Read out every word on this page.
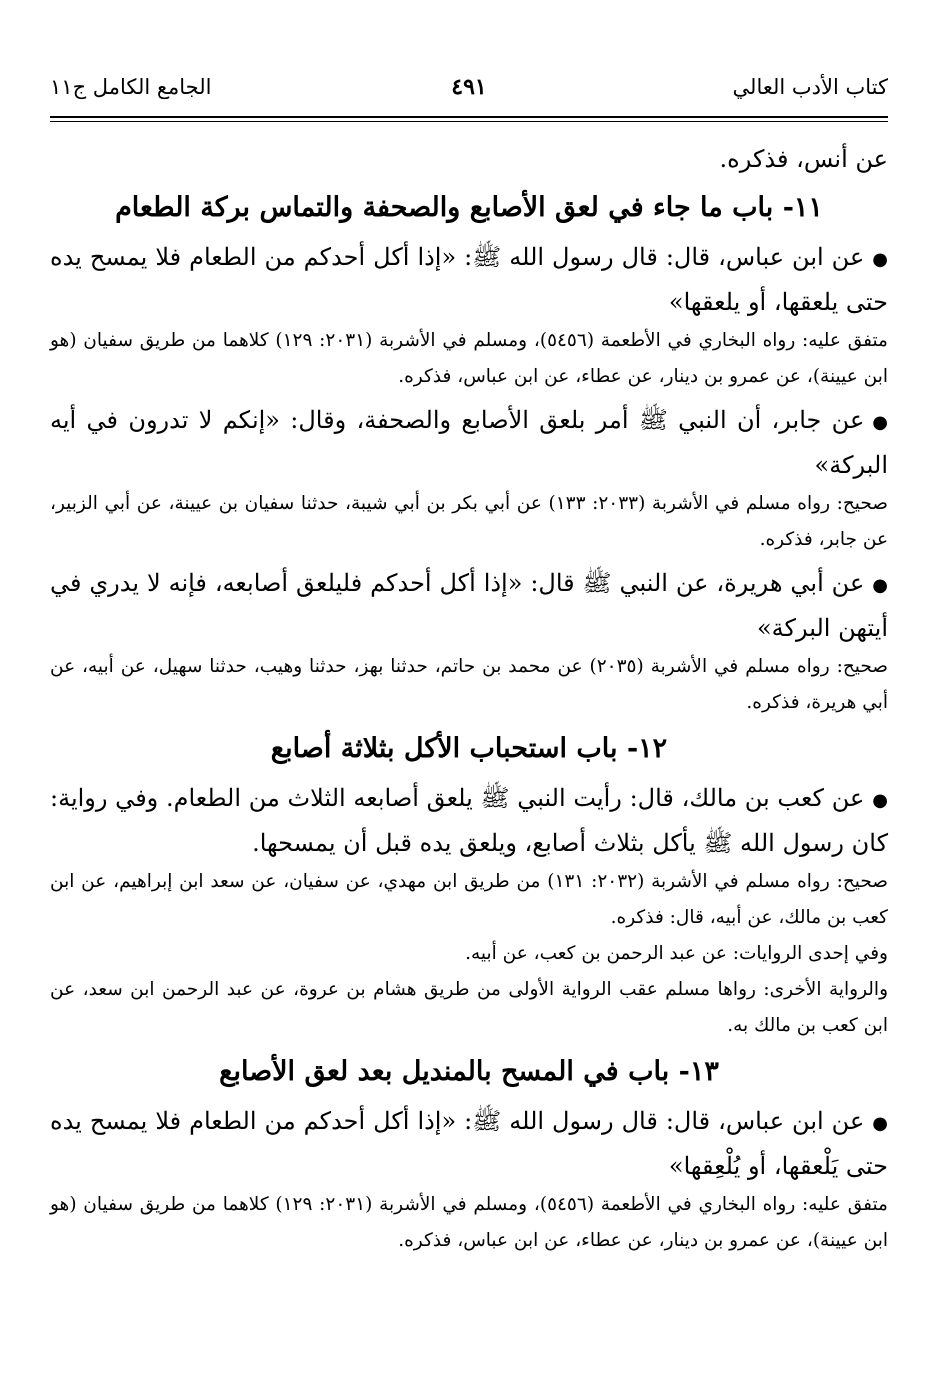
كتاب الأدب العالي
٤٩١
الجامع الكامل ج١١

عن أنس، فذكره.

١١- باب ما جاء في لعق الأصابع والصحفة والتماس بركة الطعام

●عن ابن عباس، قال: قال رسول الله ﷺ: «إذا أكل أحدكم من الطعام فلا يمسح يده حتى يلعقها، أو يلعقها»

متفق عليه: رواه البخاري في الأطعمة (٥٤٥٦)، ومسلم في الأشربة (٢٠٣١: ١٢٩) كلاهما من طريق سفيان (هو ابن عيينة)، عن عمرو بن دينار، عن عطاء، عن ابن عباس، فذكره.

●عن جابر، أن النبي ﷺ أمر بلعق الأصابع والصحفة، وقال: «إنكم لا تدرون في أيه البركة»

صحيح: رواه مسلم في الأشربة (٢٠٣٣: ١٣٣) عن أبي بكر بن أبي شيبة، حدثنا سفيان بن عيينة، عن أبي الزبير، عن جابر، فذكره.

●عن أبي هريرة، عن النبي ﷺ قال: «إذا أكل أحدكم فليلعق أصابعه، فإنه لا يدري في أيتهن البركة»

صحيح: رواه مسلم في الأشربة (٢٠٣٥) عن محمد بن حاتم، حدثنا بهز، حدثنا وهيب، حدثنا سهيل، عن أبيه، عن أبي هريرة، فذكره.

١٢- باب استحباب الأكل بثلاثة أصابع

●عن كعب بن مالك، قال: رأيت النبي ﷺ يلعق أصابعه الثلاث من الطعام. وفي رواية: كان رسول الله ﷺ يأكل بثلاث أصابع، ويلعق يده قبل أن يمسحها.

صحيح: رواه مسلم في الأشربة (٢٠٣٢: ١٣١) من طريق ابن مهدي، عن سفيان، عن سعد ابن إبراهيم، عن ابن كعب بن مالك، عن أبيه، قال: فذكره.

وفي إحدى الروايات: عن عبد الرحمن بن كعب، عن أبيه.

والرواية الأخرى: رواها مسلم عقب الرواية الأولى من طريق هشام بن عروة، عن عبد الرحمن ابن سعد، عن ابن كعب بن مالك به.

١٣- باب في المسح بالمنديل بعد لعق الأصابع

●عن ابن عباس، قال: قال رسول الله ﷺ: «إذا أكل أحدكم من الطعام فلا يمسح يده حتى يَلْعقها، أو يُلْعِقها»

متفق عليه: رواه البخاري في الأطعمة (٥٤٥٦)، ومسلم في الأشربة (٢٠٣١: ١٢٩) كلاهما من طريق سفيان (هو ابن عيينة)، عن عمرو بن دينار، عن عطاء، عن ابن عباس، فذكره.
